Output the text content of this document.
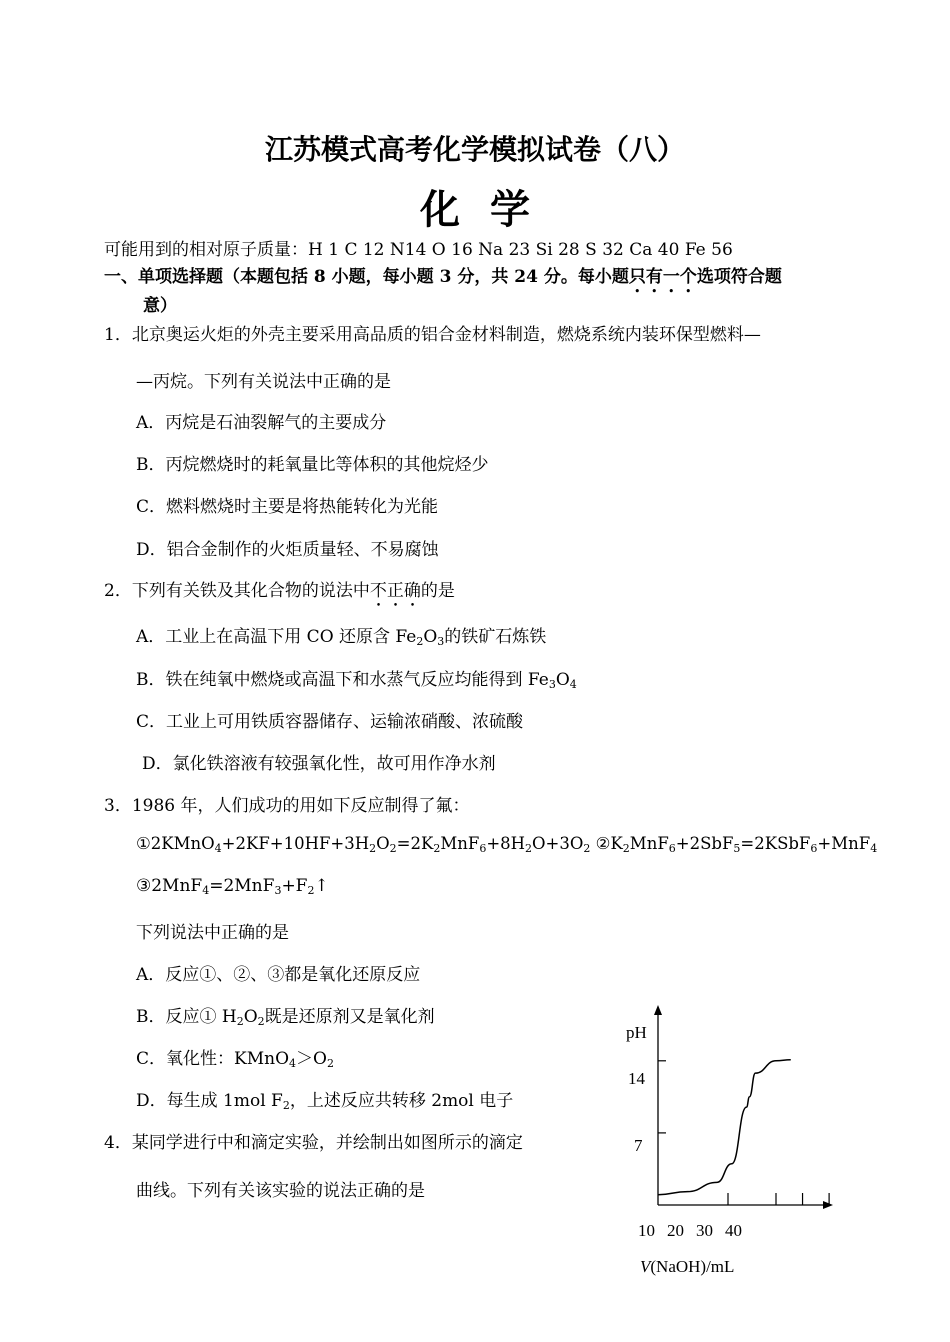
江苏模式高考化学模拟试卷（八）
化学
可能用到的相对原子质量：H 1 C 12 N14 O 16 Na 23 Si 28 S 32 Ca 40 Fe 56
一、单项选择题（本题包括 8 小题，每小题 3 分，共 24 分。每小题只有一个选项符合题
意）
1．北京奥运火炬的外壳主要采用高品质的铝合金材料制造，燃烧系统内装环保型燃料—
—丙烷。下列有关说法中正确的是
A．丙烷是石油裂解气的主要成分
B．丙烷燃烧时的耗氧量比等体积的其他烷烃少
C．燃料燃烧时主要是将热能转化为光能
D．铝合金制作的火炬质量轻、不易腐蚀
2．下列有关铁及其化合物的说法中不正确的是
A．工业上在高温下用 CO 还原含 $Fe_2O_3$的铁矿石炼铁
B．铁在纯氧中燃烧或高温下和水蒸气反应均能得到 $Fe_3O_4$
C．工业上可用铁质容器储存、运输浓硝酸、浓硫酸
D．氯化铁溶液有较强氧化性，故可用作净水剂
3．1986 年，人们成功的用如下反应制得了氟：
$①2KMnO_4+2KF+10HF+3H_2O_2=2K_2MnF_6+8H_2O+3O_2$ $②K_2MnF_6+2SbF_5=2KSbF_6+MnF_4$
$③2MnF_4=2MnF_3+F_2↑$
下列说法中正确的是
A．反应①、②、③都是氧化还原反应
B．反应① $H_2O_2$既是还原剂又是氧化剂
C．氧化性：$KMnO_4>O_2$
D．每生成 1mol $F_2$，上述反应共转移 2mol 电子
4．某同学进行中和滴定实验，并绘制出如图所示的滴定
曲线。下列有关该实验的说法正确的是
pH
14
7
10 20 30 40
V(NaOH)/mL
